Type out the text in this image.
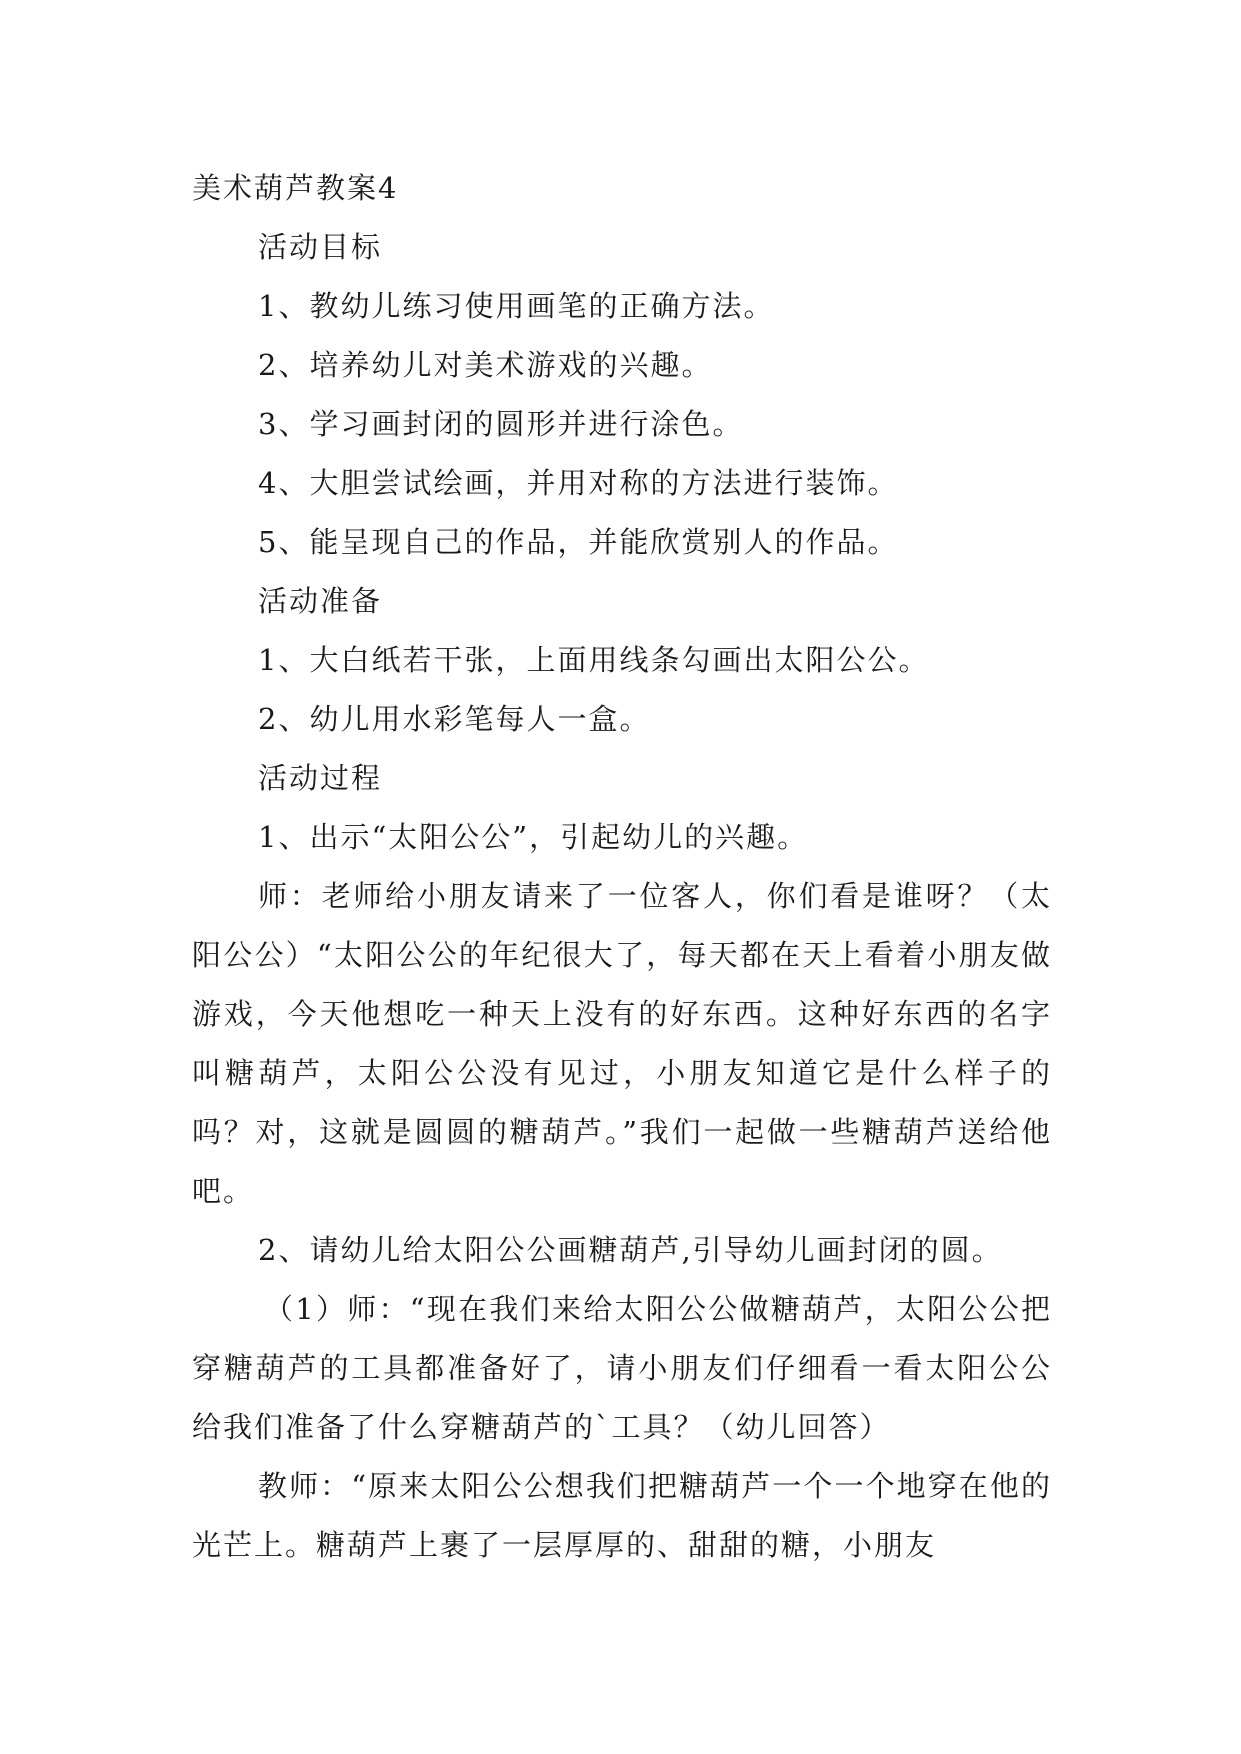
美术葫芦教案4
活动目标
1、教幼儿练习使用画笔的正确方法。
2、培养幼儿对美术游戏的兴趣。
3、学习画封闭的圆形并进行涂色。
4、大胆尝试绘画，并用对称的方法进行装饰。
5、能呈现自己的作品，并能欣赏别人的作品。
活动准备
1、大白纸若干张，上面用线条勾画出太阳公公。
2、幼儿用水彩笔每人一盒。
活动过程
1、出示“太阳公公”，引起幼儿的兴趣。

师：老师给小朋友请来了一位客人，你们看是谁呀？（太阳公公）“太阳公公的年纪很大了，每天都在天上看着小朋友做游戏，今天他想吃一种天上没有的好东西。这种好东西的名字叫糖葫芦，太阳公公没有见过，小朋友知道它是什么样子的吗？对，这就是圆圆的糖葫芦。”我们一起做一些糖葫芦送给他吧。

2、请幼儿给太阳公公画糖葫芦,引导幼儿画封闭的圆。

（1）师：“现在我们来给太阳公公做糖葫芦，太阳公公把穿糖葫芦的工具都准备好了，请小朋友们仔细看一看太阳公公给我们准备了什么穿糖葫芦的`工具？（幼儿回答）

教师：“原来太阳公公想我们把糖葫芦一个一个地穿在他的光芒上。糖葫芦上裹了一层厚厚的、甜甜的糖，小朋友
